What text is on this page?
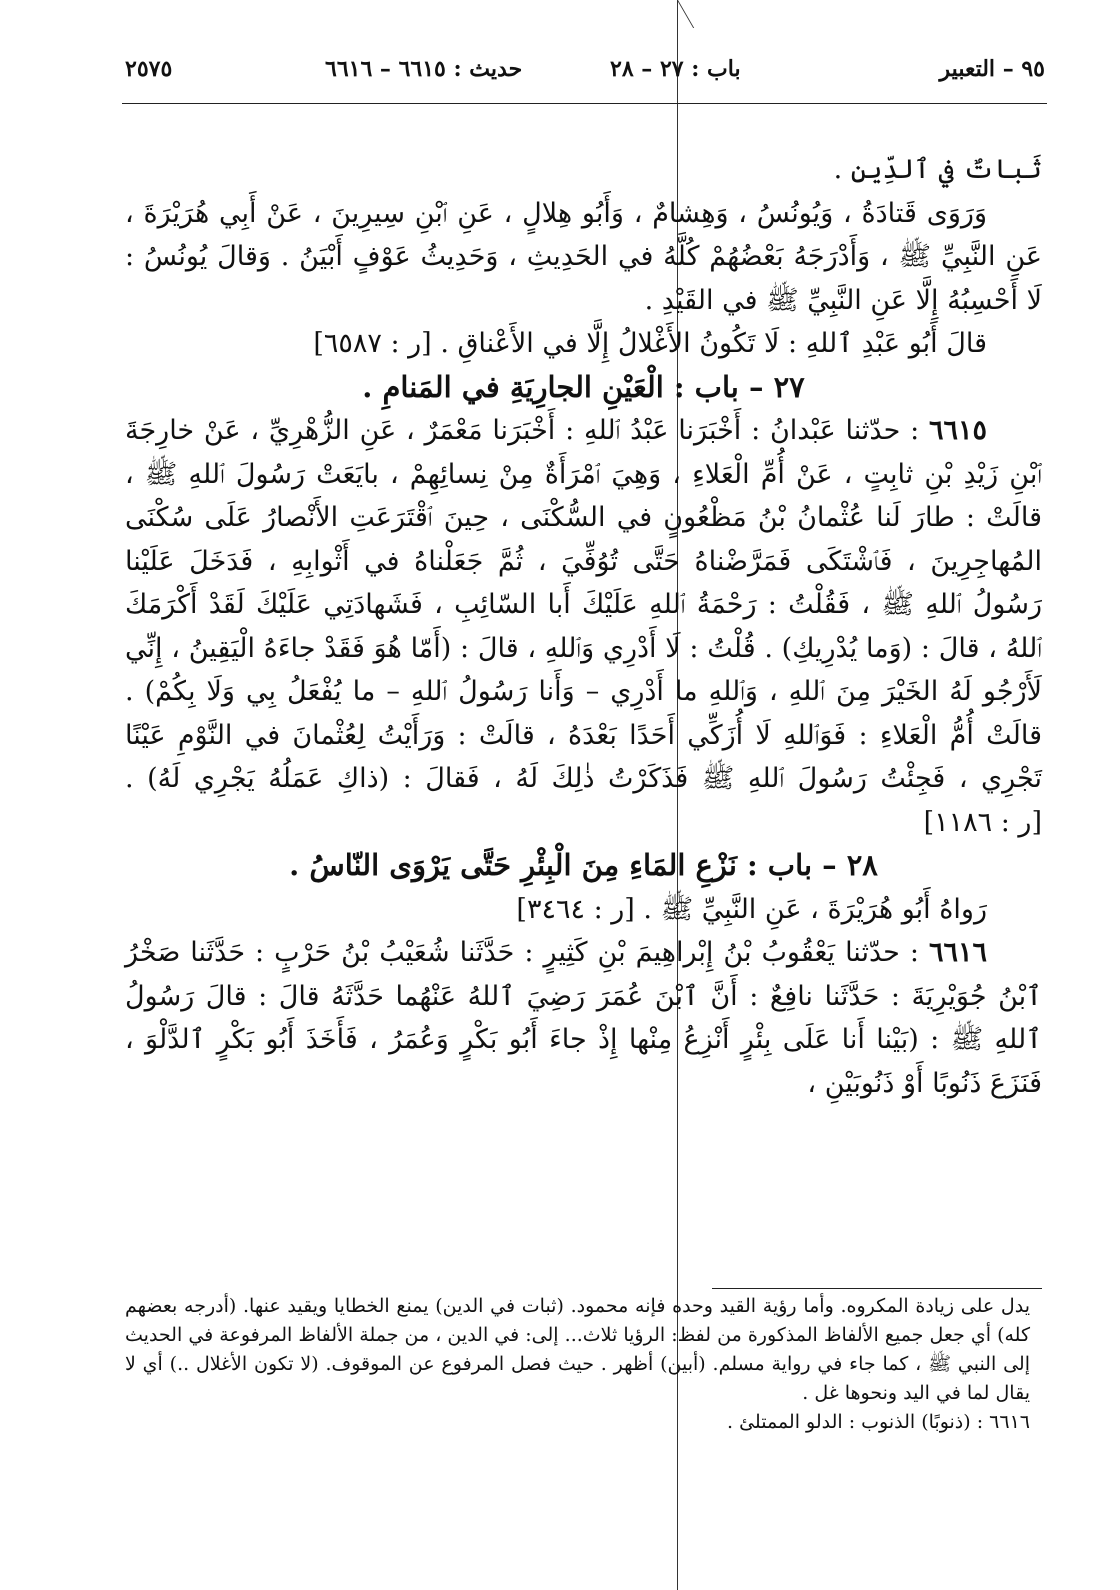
٢٥٧٥	حديث : ٦٦١٥ – ٦٦١٦	باب : ٢٧ – ٢٨	٩٥ – التعبير

ثَباتٌ في ٱلدِّينِ .

وَرَوَى قَتادَةُ ، وَيُونُسُ ، وَهِشامٌ ، وَأَبُو هِلالٍ ، عَنِ ٱبْنِ سِيرِينَ ، عَنْ أَبِي هُرَيْرَةَ ، عَنِ النَّبِيِّ ﷺ ، وَأَدْرَجَهُ بَعْضُهُمْ كُلَّهُ في الحَدِيثِ ، وَحَدِيثُ عَوْفٍ أَبْيَنُ . وَقالَ يُونُسُ : لَا أَحْسِبُهُ إِلَّا عَنِ النَّبِيِّ ﷺ في القَيْدِ .

قالَ أَبُو عَبْدِ ٱللهِ : لَا تَكُونُ الأَغْلالُ إِلَّا في الأَعْناقِ . [ر : ٦٥٨٧]

٢٧ – باب : الْعَيْنِ الجارِيَةِ في المَنامِ .

٦٦١٥ : حدّثنا عَبْدانُ : أَخْبَرَنا عَبْدُ ٱللهِ : أَخْبَرَنا مَعْمَرٌ ، عَنِ الزُّهْرِيِّ ، عَنْ خارِجَةَ ٱبْنِ زَيْدِ بْنِ ثابِتٍ ، عَنْ أُمِّ الْعَلاءِ ، وَهِيَ ٱمْرَأَةٌ مِنْ نِسائِهِمْ ، بايَعَتْ رَسُولَ ٱللهِ ﷺ ، قالَتْ : طارَ لَنا عُثْمانُ بْنُ مَظْعُونٍ في السُّكْنَى ، حِينَ ٱقْتَرَعَتِ الأَنْصارُ عَلَى سُكْنَى المُهاجِرِينَ ، فَٱشْتَكَى فَمَرَّضْناهُ حَتَّى تُوُفِّيَ ، ثُمَّ جَعَلْناهُ في أَثْوابِهِ ، فَدَخَلَ عَلَيْنا رَسُولُ ٱللهِ ﷺ ، فَقُلْتُ : رَحْمَةُ ٱللهِ عَلَيْكَ أَبا السّائِبِ ، فَشَهادَتِي عَلَيْكَ لَقَدْ أَكْرَمَكَ ٱللهُ ، قالَ : (وَما يُدْرِيكِ) . قُلْتُ : لَا أَدْرِي وَٱللهِ ، قالَ : (أَمّا هُوَ فَقَدْ جاءَهُ الْيَقِينُ ، إِنِّي لَأَرْجُو لَهُ الخَيْرَ مِنَ ٱللهِ ، وَٱللهِ ما أَدْرِي – وَأَنا رَسُولُ ٱللهِ – ما يُفْعَلُ بِي وَلَا بِكُمْ) . قالَتْ أُمُّ الْعَلاءِ : فَوَٱللهِ لَا أُزَكِّي أَحَدًا بَعْدَهُ ، قالَتْ : وَرَأَيْتُ لِعُثْمانَ في النَّوْمِ عَيْنًا تَجْرِي ، فَجِئْتُ رَسُولَ ٱللهِ ﷺ فَذَكَرْتُ ذٰلِكَ لَهُ ، فَقالَ : (ذاكِ عَمَلُهُ يَجْرِي لَهُ) . [ر : ١١٨٦]

٢٨ – باب : نَزْعِ المَاءِ مِنَ الْبِئْرِ حَتَّى يَرْوَى النّاسُ .

رَواهُ أَبُو هُرَيْرَةَ ، عَنِ النَّبِيِّ ﷺ . [ر : ٣٤٦٤]

٦٦١٦ : حدّثنا يَعْقُوبُ بْنُ إِبْراهِيمَ بْنِ كَثِيرٍ : حَدَّثَنا شُعَيْبُ بْنُ حَرْبٍ : حَدَّثَنا صَخْرُ ٱبْنُ جُوَيْرِيَةَ : حَدَّثَنا نافِعٌ : أَنَّ ٱبْنَ عُمَرَ رَضِيَ ٱللهُ عَنْهُما حَدَّثَهُ قالَ : قالَ رَسُولُ ٱللهِ ﷺ : (بَيْنا أَنا عَلَى بِئْرٍ أَنْزِعُ مِنْها إِذْ جاءَ أَبُو بَكْرٍ وَعُمَرُ ، فَأَخَذَ أَبُو بَكْرٍ ٱلدَّلْوَ ، فَنَزَعَ ذَنُوبًا أَوْ ذَنُوبَيْنِ ،

يدل على زيادة المكروه. وأما رؤية القيد وحده فإنه محمود. (ثبات في الدين) يمنع الخطايا ويقيد عنها. (أدرجه بعضهم كله) أي جعل جميع الألفاظ المذكورة من لفظ: الرؤيا ثلاث... إلى: في الدين ، من جملة الألفاظ المرفوعة في الحديث إلى النبي ﷺ ، كما جاء في رواية مسلم. (أبين) أظهر . حيث فصل المرفوع عن الموقوف. (لا تكون الأغلال ..) أي لا يقال لما في اليد ونحوها غل .

٦٦١٦ : (ذنوبًا) الذنوب : الدلو الممتلئ .
